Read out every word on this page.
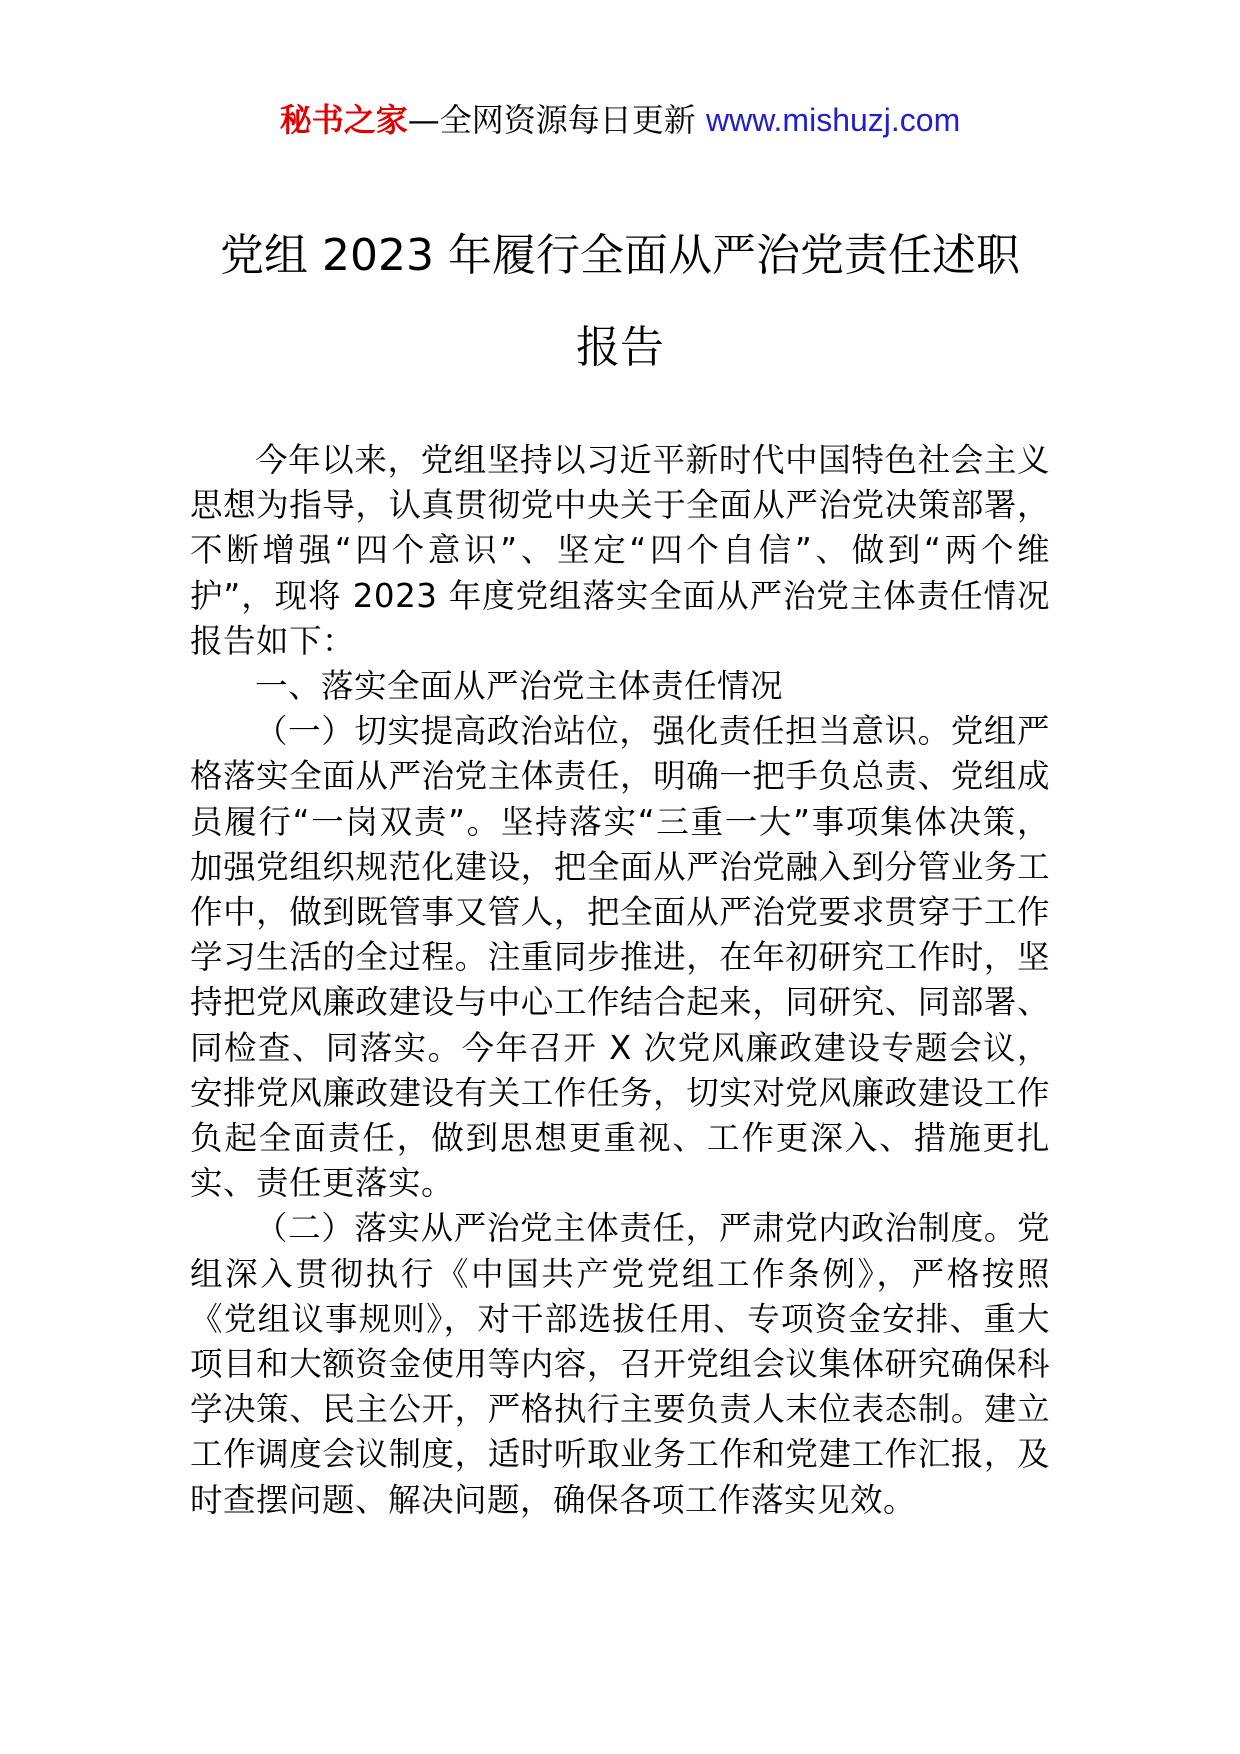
秘书之家—全网资源每日更新 www.mishuzj.com
党组 2023 年履行全面从严治党责任述职
报告

今年以来，党组坚持以习近平新时代中国特色社会主义思想为指导，认真贯彻党中央关于全面从严治党决策部署，不断增强“四个意识”、坚定“四个自信”、做到“两个维护”，现将 2023 年度党组落实全面从严治党主体责任情况报告如下：

一、落实全面从严治党主体责任情况

（一）切实提高政治站位，强化责任担当意识。党组严格落实全面从严治党主体责任，明确一把手负总责、党组成员履行“一岗双责”。坚持落实“三重一大”事项集体决策，加强党组织规范化建设，把全面从严治党融入到分管业务工作中，做到既管事又管人，把全面从严治党要求贯穿于工作学习生活的全过程。注重同步推进，在年初研究工作时，坚持把党风廉政建设与中心工作结合起来，同研究、同部署、同检查、同落实。今年召开 X 次党风廉政建设专题会议，安排党风廉政建设有关工作任务，切实对党风廉政建设工作负起全面责任，做到思想更重视、工作更深入、措施更扎实、责任更落实。

（二）落实从严治党主体责任，严肃党内政治制度。党组深入贯彻执行《中国共产党党组工作条例》，严格按照《党组议事规则》，对干部选拔任用、专项资金安排、重大项目和大额资金使用等内容，召开党组会议集体研究确保科学决策、民主公开，严格执行主要负责人末位表态制。建立工作调度会议制度，适时听取业务工作和党建工作汇报，及时查摆问题、解决问题，确保各项工作落实见效。
